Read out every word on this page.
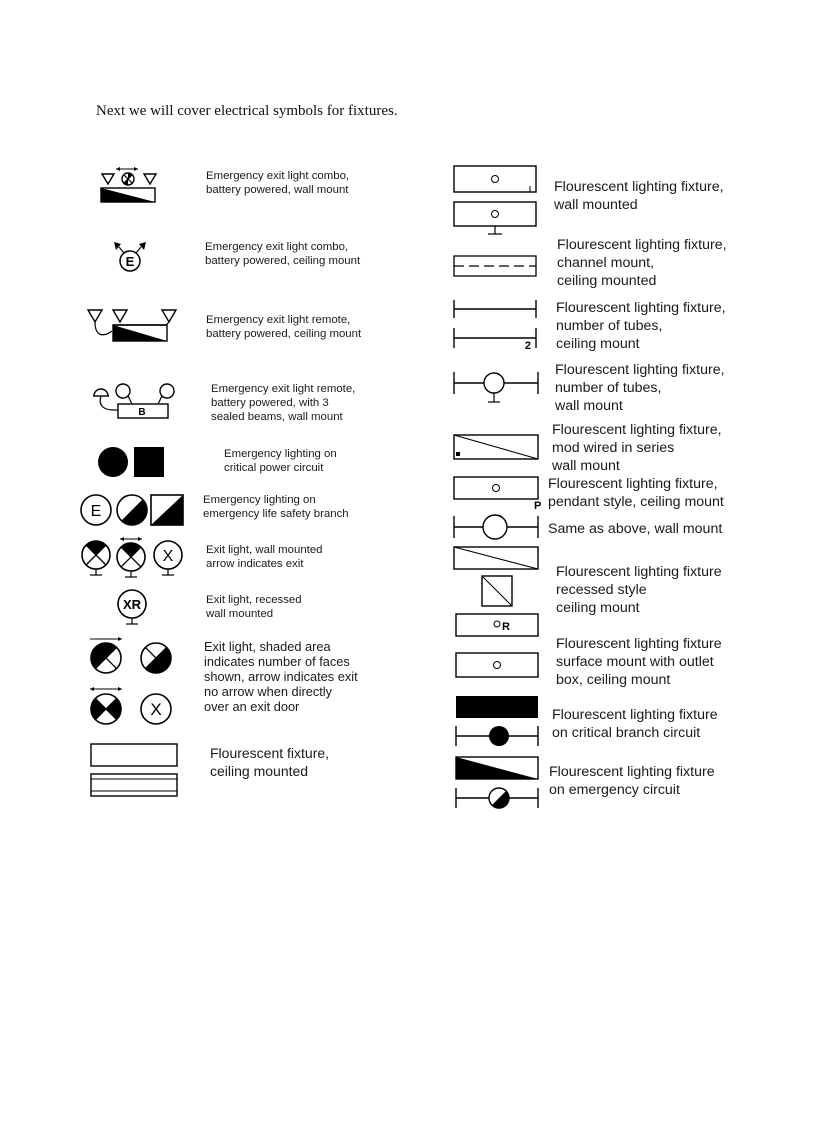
Next we will cover electrical symbols for fixtures.

Emergency exit light combo,
battery powered, wall mount

E

Emergency exit light combo,
battery powered, ceiling mount

Emergency exit light remote,
battery powered, ceiling mount

B

Emergency exit light remote,
battery powered, with 3
sealed beams, wall mount

Emergency lighting on
critical power circuit

E

Emergency lighting on
emergency life safety branch

X	Exit light, wall mounted
arrow indicates exit

XR	Exit light, recessed
wall mounted

X

Exit light, shaded area
indicates number of faces
shown, arrow indicates exit
no arrow when directly
over an exit door

Flourescent fixture,
ceiling mounted

Flourescent lighting fixture,
wall mounted

Flourescent lighting fixture,
channel mount,
ceiling mounted

2

Flourescent lighting fixture,
number of tubes,
ceiling mount

Flourescent lighting fixture,
number of tubes,
wall mount

Flourescent lighting fixture,
mod wired in series
wall mount

P

Flourescent lighting fixture,
pendant style, ceiling mount

Same as above, wall mount

R

Flourescent lighting fixture
recessed style
ceiling mount

Flourescent lighting fixture
surface mount with outlet
box, ceiling mount

Flourescent lighting fixture
on critical branch circuit

Flourescent lighting fixture
on emergency circuit
